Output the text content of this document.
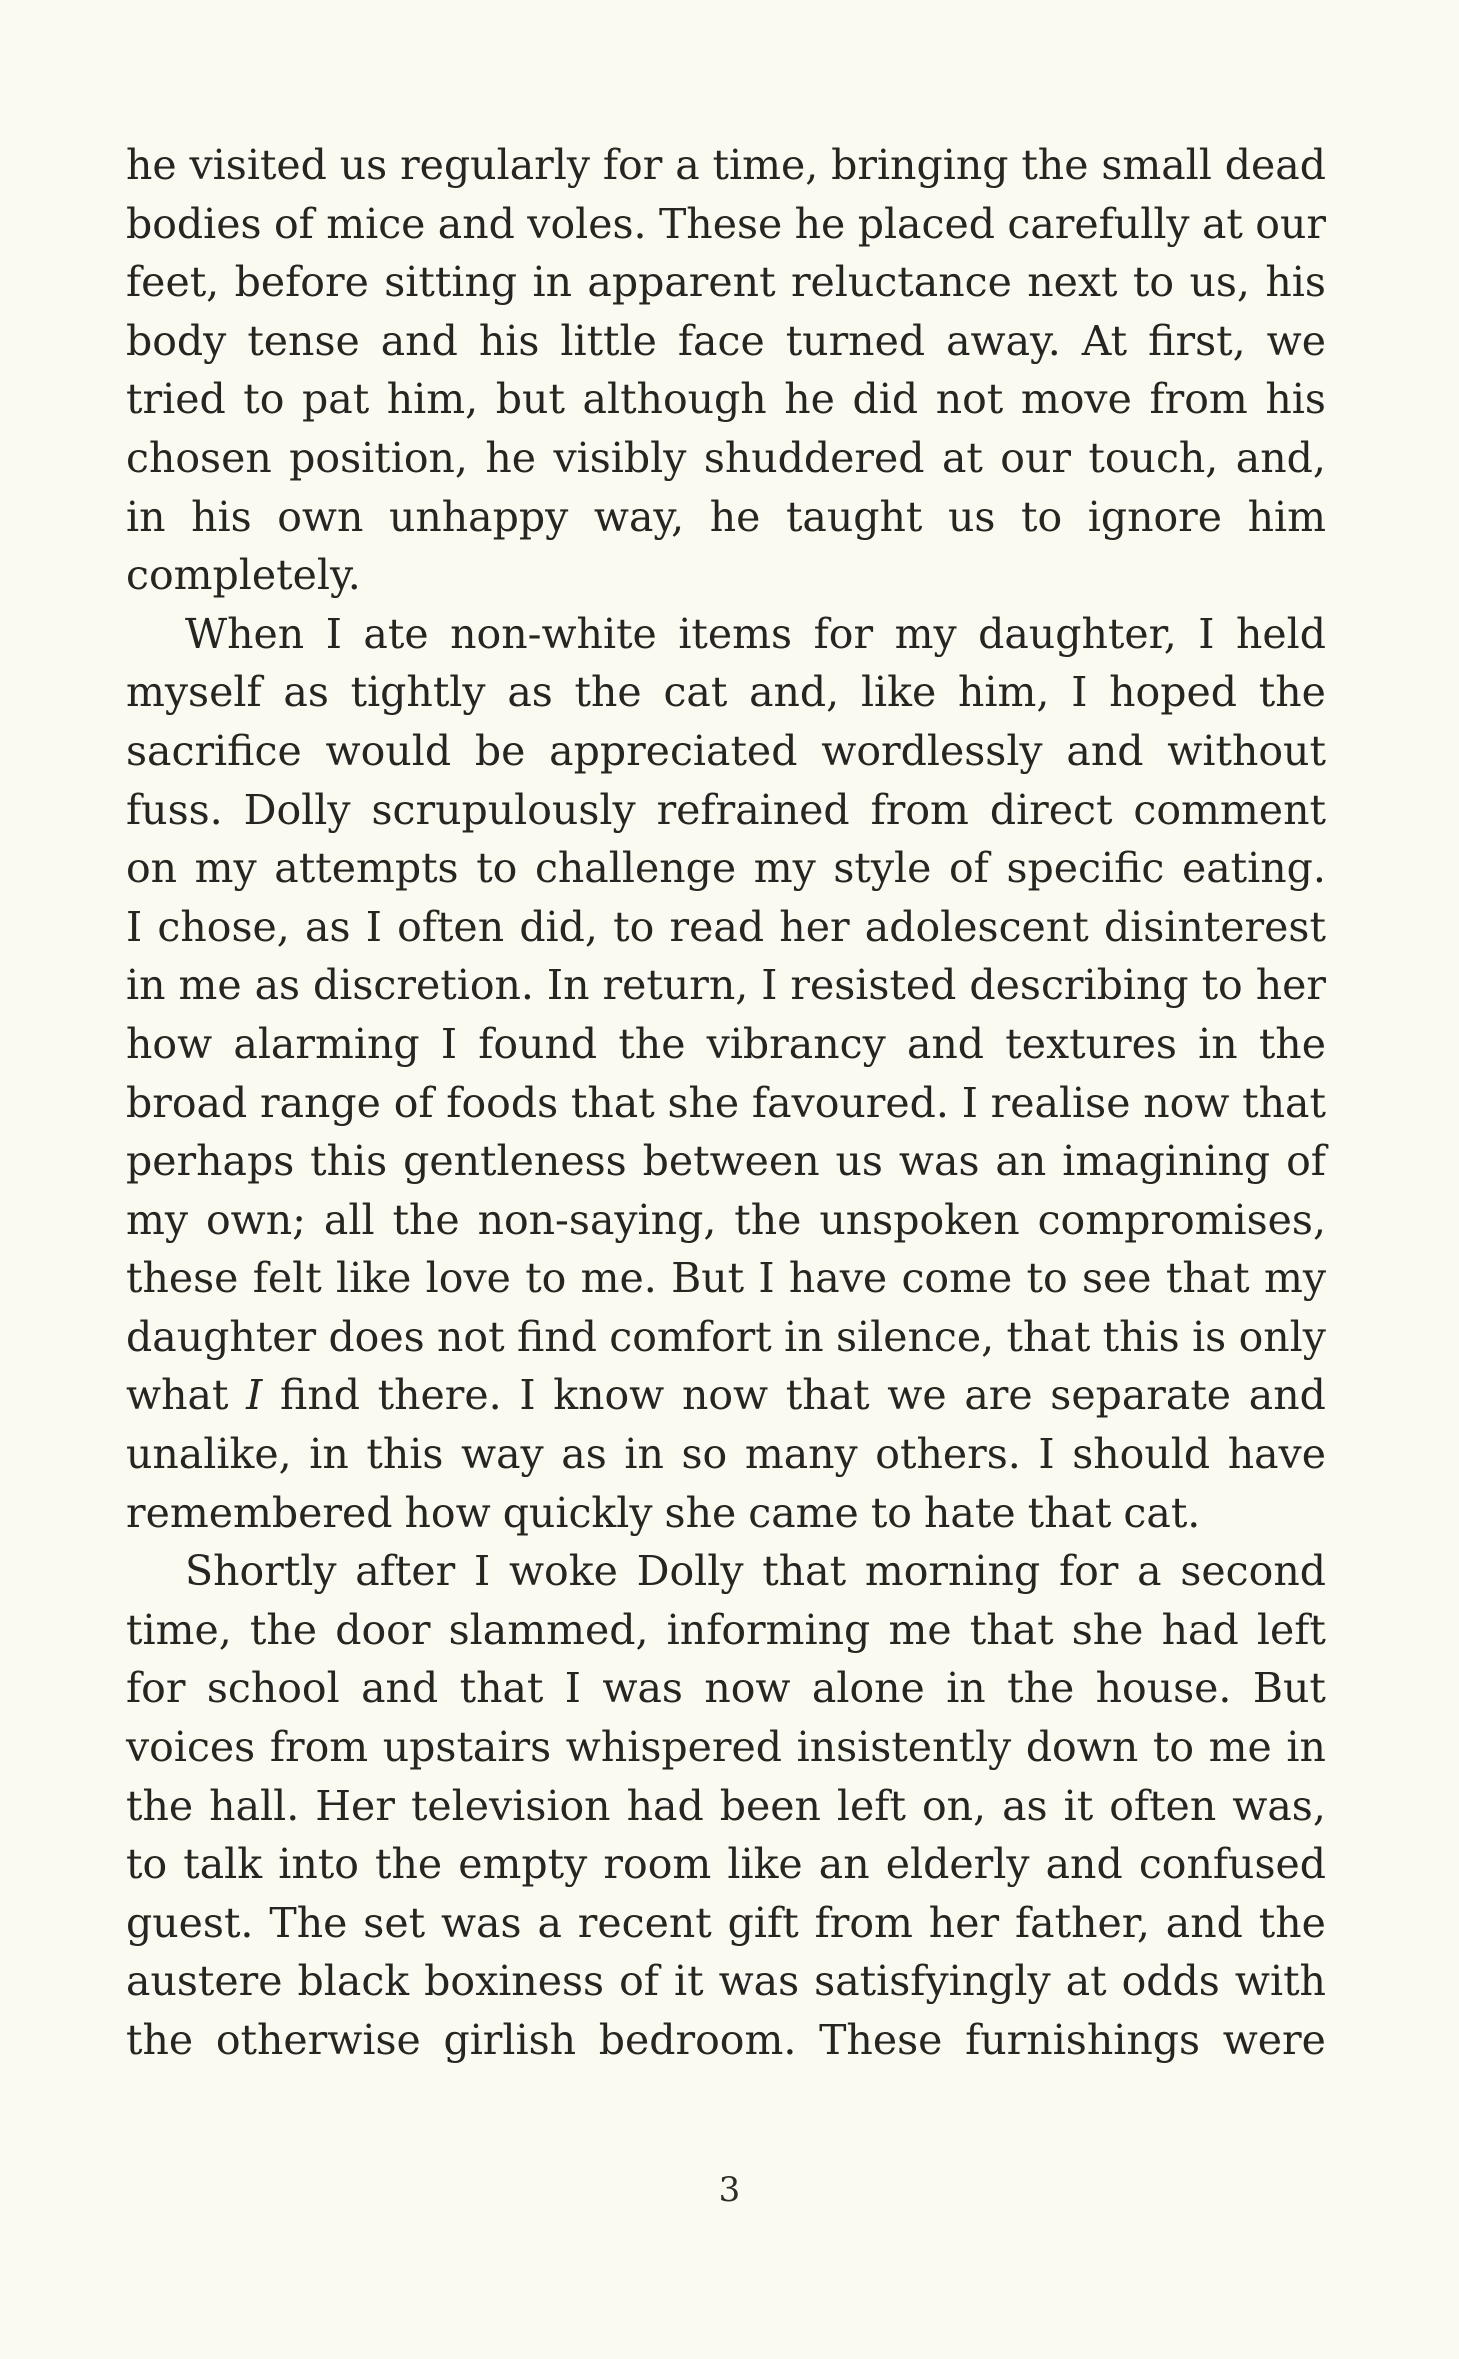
he visited us regularly for a time, bringing the small dead
bodies of mice and voles. These he placed carefully at our
feet, before sitting in apparent reluctance next to us, his
body tense and his little face turned away. At first, we
tried to pat him, but although he did not move from his
chosen position, he visibly shuddered at our touch, and,
in his own unhappy way, he taught us to ignore him
completely.
When I ate non-white items for my daughter, I held
myself as tightly as the cat and, like him, I hoped the
sacrifice would be appreciated wordlessly and without
fuss. Dolly scrupulously refrained from direct comment
on my attempts to challenge my style of specific eating.
I chose, as I often did, to read her adolescent disinterest
in me as discretion. In return, I resisted describing to her
how alarming I found the vibrancy and textures in the
broad range of foods that she favoured. I realise now that
perhaps this gentleness between us was an imagining of
my own; all the non-saying, the unspoken compromises,
these felt like love to me. But I have come to see that my
daughter does not find comfort in silence, that this is only
what I find there. I know now that we are separate and
unalike, in this way as in so many others. I should have
remembered how quickly she came to hate that cat.
Shortly after I woke Dolly that morning for a second
time, the door slammed, informing me that she had left
for school and that I was now alone in the house. But
voices from upstairs whispered insistently down to me in
the hall. Her television had been left on, as it often was,
to talk into the empty room like an elderly and confused
guest. The set was a recent gift from her father, and the
austere black boxiness of it was satisfyingly at odds with
the otherwise girlish bedroom. These furnishings were
3
